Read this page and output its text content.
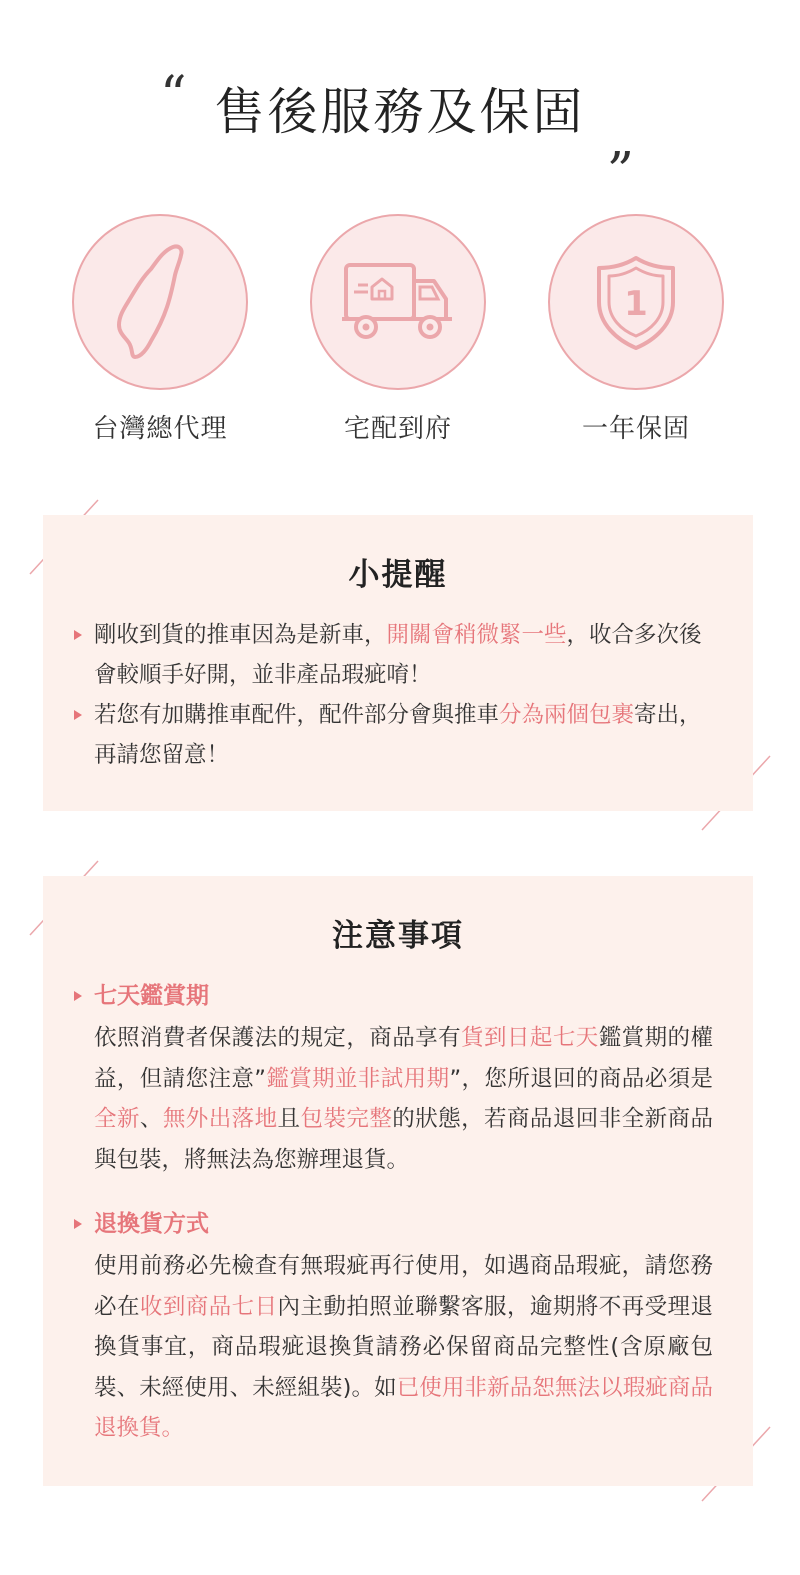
“ 售後服務及保固 „
台灣總代理	宅配到府
1
一年保固
小提醒
剛收到貨的推車因為是新車，開關會稍微緊一些，收合多次後會較順手好開，並非產品瑕疵唷！
若您有加購推車配件，配件部分會與推車分為兩個包裹寄出，再請您留意！
注意事項
七天鑑賞期
依照消費者保護法的規定，商品享有貨到日起七天鑑賞期的權益，但請您注意”鑑賞期並非試用期”，您所退回的商品必須是全新、無外出落地且包裝完整的狀態，若商品退回非全新商品與包裝，將無法為您辦理退貨。
退換貨方式
使用前務必先檢查有無瑕疵再行使用，如遇商品瑕疵，請您務必在收到商品七日內主動拍照並聯繫客服，逾期將不再受理退換貨事宜，商品瑕疵退換貨請務必保留商品完整性(含原廠包裝、未經使用、未經組裝)。如已使用非新品恕無法以瑕疵商品退換貨。
